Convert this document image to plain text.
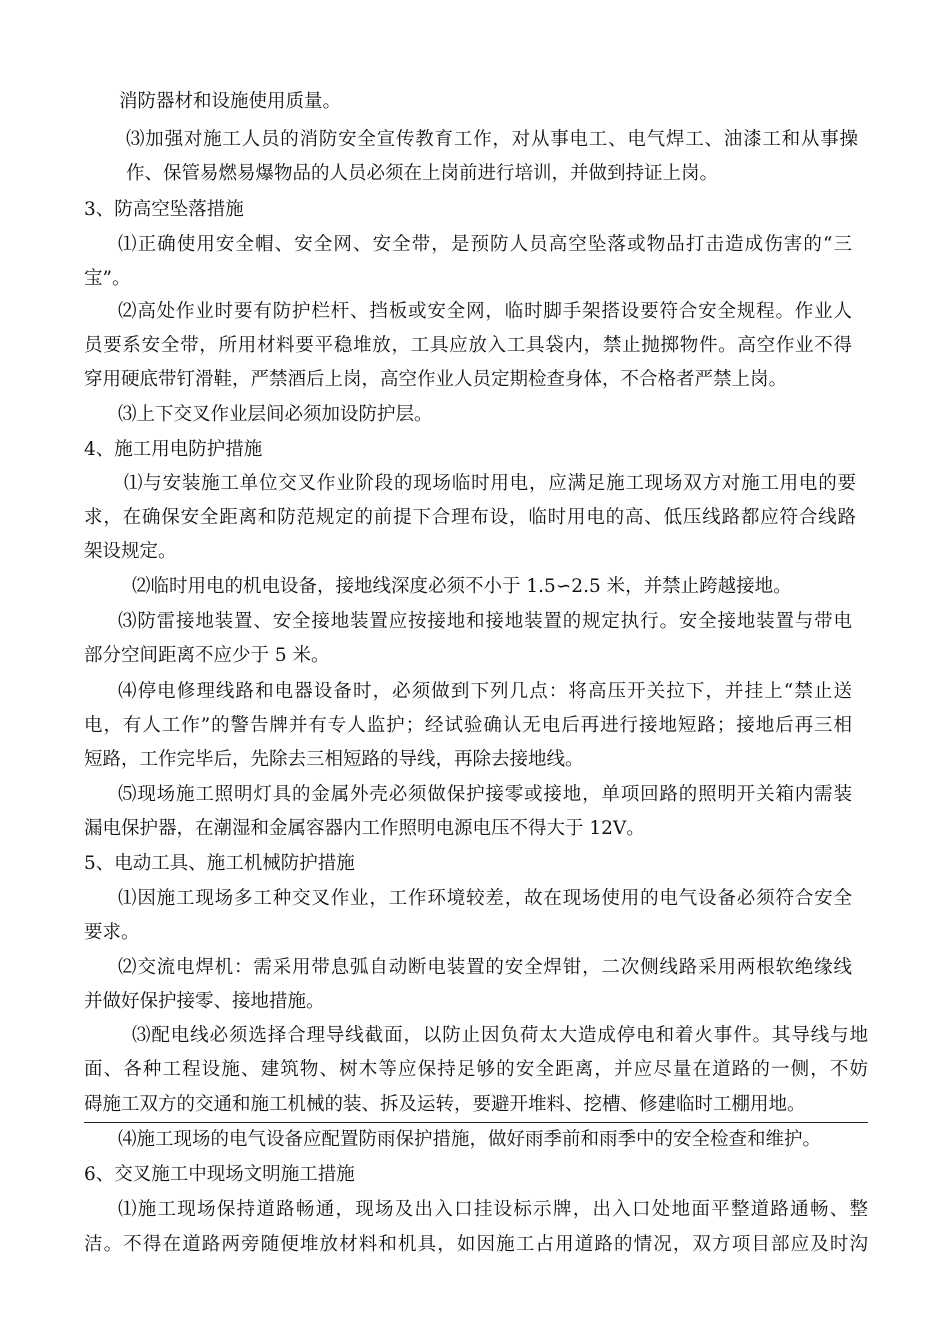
消防器材和设施使用质量。
⑶加强对施工人员的消防安全宣传教育工作，对从事电工、电气焊工、油漆工和从事操
作、保管易燃易爆物品的人员必须在上岗前进行培训，并做到持证上岗。
3、防高空坠落措施
⑴正确使用安全帽、安全网、安全带，是预防人员高空坠落或物品打击造成伤害的“三
宝”。
⑵高处作业时要有防护栏杆、挡板或安全网，临时脚手架搭设要符合安全规程。作业人
员要系安全带，所用材料要平稳堆放，工具应放入工具袋内，禁止抛掷物件。高空作业不得
穿用硬底带钉滑鞋，严禁酒后上岗，高空作业人员定期检查身体，不合格者严禁上岗。
⑶上下交叉作业层间必须加设防护层。
4、施工用电防护措施
⑴与安装施工单位交叉作业阶段的现场临时用电，应满足施工现场双方对施工用电的要
求，在确保安全距离和防范规定的前提下合理布设，临时用电的高、低压线路都应符合线路
架设规定。
⑵临时用电的机电设备，接地线深度必须不小于 1.5∽2.5 米，并禁止跨越接地。
⑶防雷接地装置、安全接地装置应按接地和接地装置的规定执行。安全接地装置与带电
部分空间距离不应少于 5 米。
⑷停电修理线路和电器设备时，必须做到下列几点：将高压开关拉下，并挂上“禁止送
电，有人工作”的警告牌并有专人监护；经试验确认无电后再进行接地短路；接地后再三相
短路，工作完毕后，先除去三相短路的导线，再除去接地线。
⑸现场施工照明灯具的金属外壳必须做保护接零或接地，单项回路的照明开关箱内需装
漏电保护器，在潮湿和金属容器内工作照明电源电压不得大于 12V。
5、电动工具、施工机械防护措施
⑴因施工现场多工种交叉作业，工作环境较差，故在现场使用的电气设备必须符合安全
要求。
⑵交流电焊机：需采用带息弧自动断电装置的安全焊钳，二次侧线路采用两根软绝缘线
并做好保护接零、接地措施。
⑶配电线必须选择合理导线截面，以防止因负荷太大造成停电和着火事件。其导线与地
面、各种工程设施、建筑物、树木等应保持足够的安全距离，并应尽量在道路的一侧，不妨
碍施工双方的交通和施工机械的装、拆及运转，要避开堆料、挖槽、修建临时工棚用地。
⑷施工现场的电气设备应配置防雨保护措施，做好雨季前和雨季中的安全检查和维护。
6、交叉施工中现场文明施工措施
⑴施工现场保持道路畅通，现场及出入口挂设标示牌，出入口处地面平整道路通畅、整
洁。不得在道路两旁随便堆放材料和机具，如因施工占用道路的情况，双方项目部应及时沟
